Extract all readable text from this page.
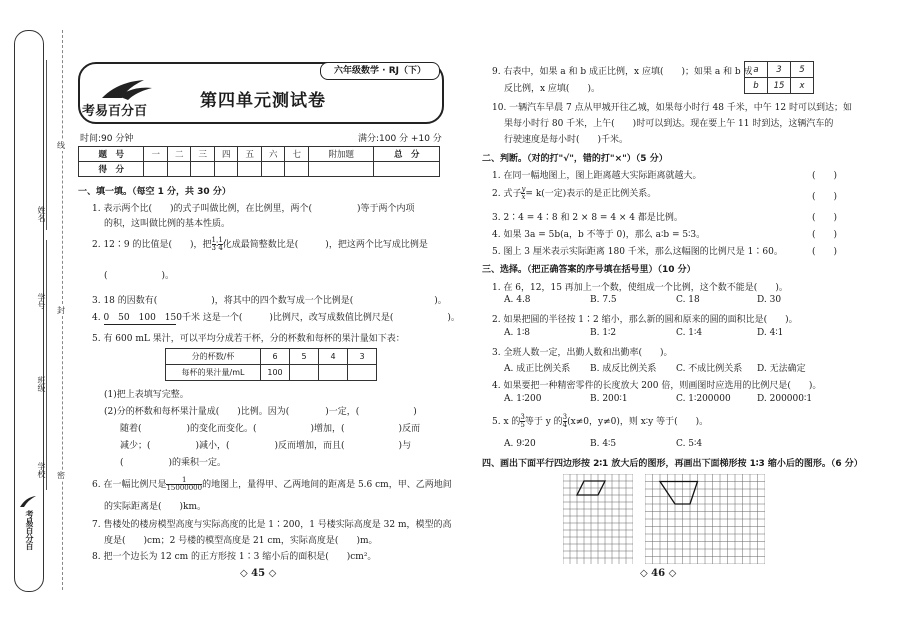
姓名
学号
班级
学校
考易百分百
线
封
密
六年级数学 · RJ（下）
考易百分百
第四单元测试卷
时间:90 分钟	满分:100 分 +10 分
题　号	一	二	三	四	五	六	七	附加题	总　分
得　分									
一、填一填。（每空 1 分，共 30 分）
1. 表示两个比(　　)的式子叫做比例，在比例里，两个(　　　　　)等于两个内项
的积，这叫做比例的基本性质。
2. 12∶9 的比值是(　　)，把 $\frac{1}{3}$ ∶ $\frac{1}{4}$ 化成最简整数比是(　　　)，把这两个比写成比例是
(　　　　　　)。
3. 18 的因数有(　　　　　　)，将其中的四个数写成一个比例是(　　　　　　　　　)。
4. 0　50　100　150千米 这是一个(　　　)比例尺，改写成数值比例尺是(　　　　　　)。
5. 有 600 mL 果汁，可以平均分成若干杯，分的杯数和每杯的果汁量如下表：
分的杯数/杯	6	5	4	3
每杯的果汁量/mL	100			
(1)把上表填写完整。
(2)分的杯数和每杯果汁量成(　　)比例。因为(　　　　)一定，(　　　　　　)
随着(　　　　　)的变化而变化。(　　　　　　)增加，(　　　　　　)反而
减少；(　　　　　)减小，(　　　　　)反而增加，而且(　　　　　　)与
(　　　　　)的乘积一定。
6. 在一幅比例尺是 $\frac{1}{15000000}$ 的地图上，量得甲、乙两地间的距离是 5.6 cm，甲、乙两地间
的实际距离是(　　)km。
7. 售楼处的楼房模型高度与实际高度的比是 1∶200，1 号楼实际高度是 32 m，模型的高
度是(　　)cm；2 号楼的模型高度是 21 cm，实际高度是(　　)m。
8. 把一个边长为 12 cm 的正方形按 1∶3 缩小后的面积是(　　)cm²。
◇ 45 ◇
9. 右表中，如果 a 和 b 成正比例，x 应填(　　)；如果 a 和 b 成
反比例，x 应填(　　)。
a	3	5
b	15	x
10. 一辆汽车早晨 7 点从甲城开往乙城，如果每小时行 48 千米，中午 12 时可以到达；如
果每小时行 80 千米，上午(　　)时可以到达。现在要上午 11 时到达，这辆汽车的
行驶速度是每小时(　　)千米。
二、判断。（对的打"√"，错的打"×"）（5 分）
1. 在同一幅地图上，图上距离越大实际距离就越大。	(　　)
2. 式子 $\frac{y}{x} = k$(一定)表示的是正比例关系。	(　　)
3. 2∶4 = 4∶8 和 2 × 8 = 4 × 4 都是比例。	(　　)
4. 如果 3a = 5b(a，b 不等于 0)，那么 a∶b = 5∶3。	(　　)
5. 图上 3 厘米表示实际距离 180 千米，那么这幅图的比例尺是 1∶60。	(　　)
三、选择。（把正确答案的序号填在括号里）（10 分）
1. 在 6，12，15 再加上一个数，使组成一个比例，这个数不能是(　　)。
A. 4.8	B. 7.5	C. 18	D. 30
2. 如果把圆的半径按 1∶2 缩小，那么新的圆和原来的圆的面积比是(　　)。
A. 1∶8	B. 1∶2	C. 1∶4	D. 4∶1
3. 全班人数一定，出勤人数和出勤率(　　)。
A. 成正比例关系 B. 成反比例关系 C. 不成比例关系 D. 无法确定
4. 如果要把一种精密零件的长度放大 200 倍，则画图时应选用的比例尺是(　　)。
A. 1∶200	B. 200∶1	C. 1∶200000	D. 200000∶1
5. x 的 $\frac{3}{5}$ 等于 y 的 $\frac{3}{4} (x\ne 0$，y≠0)，则 x∶y 等于(　　)。
A. 9∶20	B. 4∶5	C. 5∶4
四、画出下面平行四边形按 2∶1 放大后的图形，再画出下面梯形按 1∶3 缩小后的图形。（6 分）
◇ 46 ◇
